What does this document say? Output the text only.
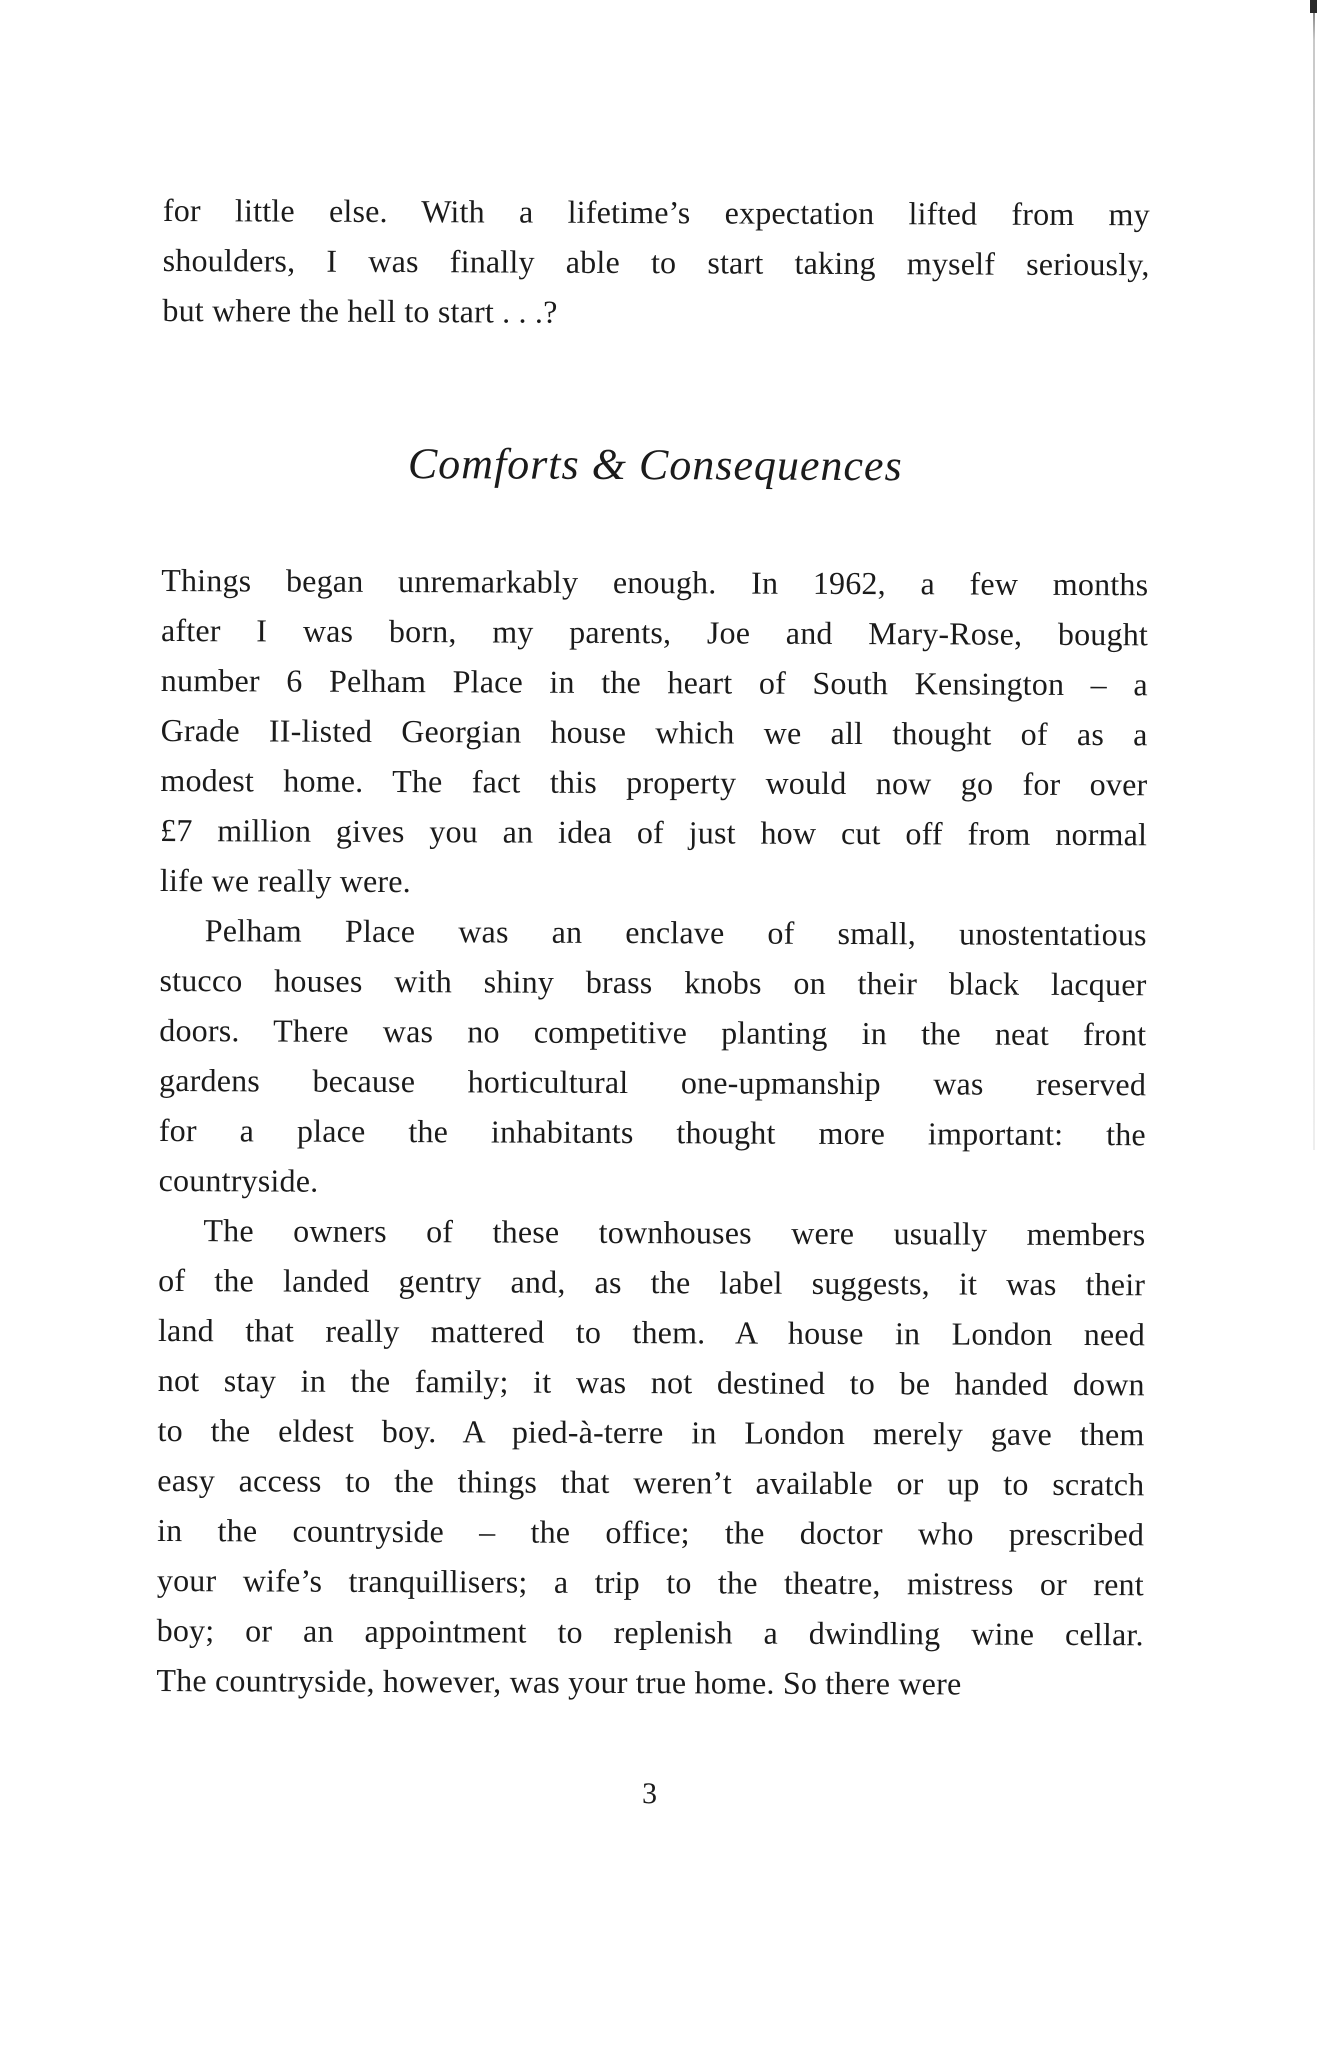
for little else. With a lifetime’s expectation lifted from my
shoulders, I was finally able to start taking myself seriously,
but where the hell to start . . .?

Comforts & Consequences

Things began unremarkably enough. In 1962, a few months
after I was born, my parents, Joe and Mary-Rose, bought
number 6 Pelham Place in the heart of South Kensington – a
Grade II-listed Georgian house which we all thought of as a
modest home. The fact this property would now go for over
£7 million gives you an idea of just how cut off from normal
life we really were.

Pelham Place was an enclave of small, unostentatious
stucco houses with shiny brass knobs on their black lacquer
doors. There was no competitive planting in the neat front
gardens because horticultural one-upmanship was reserved
for a place the inhabitants thought more important: the
countryside.

The owners of these townhouses were usually members
of the landed gentry and, as the label suggests, it was their
land that really mattered to them. A house in London need
not stay in the family; it was not destined to be handed down
to the eldest boy. A pied-à-terre in London merely gave them
easy access to the things that weren’t available or up to scratch
in the countryside – the office; the doctor who prescribed
your wife’s tranquillisers; a trip to the theatre, mistress or rent
boy; or an appointment to replenish a dwindling wine cellar.
The countryside, however, was your true home. So there were

3
